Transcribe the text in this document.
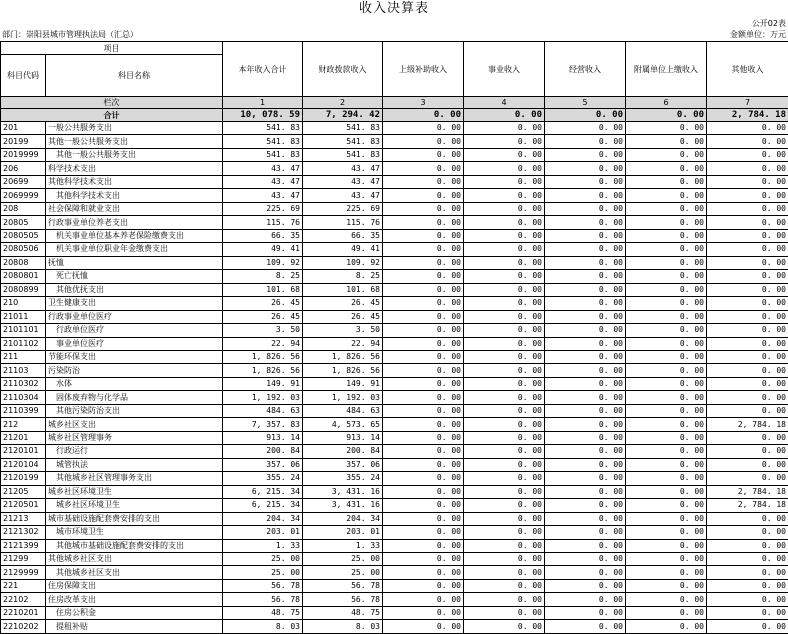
收入决算表
公开02表
部门：崇阳县城市管理执法局（汇总）	金额单位：万元
项目		本年收入合计	财政拨款收入	上级补助收入	事业收入	经营收入	附属单位上缴收入	其他收入
科目代码	科目名称							
栏次		1	2	3	4	5	6	7
合计		10, 078. 59	7, 294. 42	0. 00	0. 00	0. 00	0. 00	2, 784. 18
201	一般公共服务支出	541. 83	541. 83	0. 00	0. 00	0. 00	0. 00	0. 00
20199	其他一般公共服务支出	541. 83	541. 83	0. 00	0. 00	0. 00	0. 00	0. 00
2019999	其他一般公共服务支出	541. 83	541. 83	0. 00	0. 00	0. 00	0. 00	0. 00
206	科学技术支出	43. 47	43. 47	0. 00	0. 00	0. 00	0. 00	0. 00
20699	其他科学技术支出	43. 47	43. 47	0. 00	0. 00	0. 00	0. 00	0. 00
2069999	其他科学技术支出	43. 47	43. 47	0. 00	0. 00	0. 00	0. 00	0. 00
208	社会保障和就业支出	225. 69	225. 69	0. 00	0. 00	0. 00	0. 00	0. 00
20805	行政事业单位养老支出	115. 76	115. 76	0. 00	0. 00	0. 00	0. 00	0. 00
2080505	机关事业单位基本养老保险缴费支出	66. 35	66. 35	0. 00	0. 00	0. 00	0. 00	0. 00
2080506	机关事业单位职业年金缴费支出	49. 41	49. 41	0. 00	0. 00	0. 00	0. 00	0. 00
20808	抚恤	109. 92	109. 92	0. 00	0. 00	0. 00	0. 00	0. 00
2080801	死亡抚恤	8. 25	8. 25	0. 00	0. 00	0. 00	0. 00	0. 00
2080899	其他优抚支出	101. 68	101. 68	0. 00	0. 00	0. 00	0. 00	0. 00
210	卫生健康支出	26. 45	26. 45	0. 00	0. 00	0. 00	0. 00	0. 00
21011	行政事业单位医疗	26. 45	26. 45	0. 00	0. 00	0. 00	0. 00	0. 00
2101101	行政单位医疗	3. 50	3. 50	0. 00	0. 00	0. 00	0. 00	0. 00
2101102	事业单位医疗	22. 94	22. 94	0. 00	0. 00	0. 00	0. 00	0. 00
211	节能环保支出	1, 826. 56	1, 826. 56	0. 00	0. 00	0. 00	0. 00	0. 00
21103	污染防治	1, 826. 56	1, 826. 56	0. 00	0. 00	0. 00	0. 00	0. 00
2110302	水体	149. 91	149. 91	0. 00	0. 00	0. 00	0. 00	0. 00
2110304	固体废弃物与化学品	1, 192. 03	1, 192. 03	0. 00	0. 00	0. 00	0. 00	0. 00
2110399	其他污染防治支出	484. 63	484. 63	0. 00	0. 00	0. 00	0. 00	0. 00
212	城乡社区支出	7, 357. 83	4, 573. 65	0. 00	0. 00	0. 00	0. 00	2, 784. 18
21201	城乡社区管理事务	913. 14	913. 14	0. 00	0. 00	0. 00	0. 00	0. 00
2120101	行政运行	200. 84	200. 84	0. 00	0. 00	0. 00	0. 00	0. 00
2120104	城管执法	357. 06	357. 06	0. 00	0. 00	0. 00	0. 00	0. 00
2120199	其他城乡社区管理事务支出	355. 24	355. 24	0. 00	0. 00	0. 00	0. 00	0. 00
21205	城乡社区环境卫生	6, 215. 34	3, 431. 16	0. 00	0. 00	0. 00	0. 00	2, 784. 18
2120501	城乡社区环境卫生	6, 215. 34	3, 431. 16	0. 00	0. 00	0. 00	0. 00	2, 784. 18
21213	城市基础设施配套费安排的支出	204. 34	204. 34	0. 00	0. 00	0. 00	0. 00	0. 00
2121302	城市环境卫生	203. 01	203. 01	0. 00	0. 00	0. 00	0. 00	0. 00
2121399	其他城市基础设施配套费安排的支出	1. 33	1. 33	0. 00	0. 00	0. 00	0. 00	0. 00
21299	其他城乡社区支出	25. 00	25. 00	0. 00	0. 00	0. 00	0. 00	0. 00
2129999	其他城乡社区支出	25. 00	25. 00	0. 00	0. 00	0. 00	0. 00	0. 00
221	住房保障支出	56. 78	56. 78	0. 00	0. 00	0. 00	0. 00	0. 00
22102	住房改革支出	56. 78	56. 78	0. 00	0. 00	0. 00	0. 00	0. 00
2210201	住房公积金	48. 75	48. 75	0. 00	0. 00	0. 00	0. 00	0. 00
2210202	提租补贴	8. 03	8. 03	0. 00	0. 00	0. 00	0. 00	0. 00
